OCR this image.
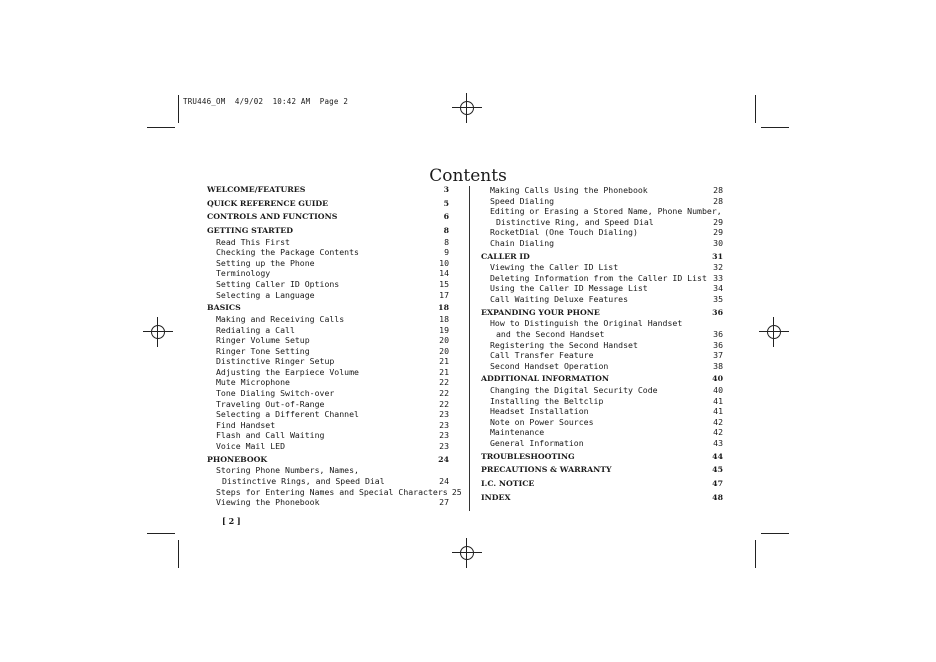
TRU446_OM  4/9/02  10:42 AM  Page 2
Contents
WELCOME/FEATURES	3
QUICK REFERENCE GUIDE	5
CONTROLS AND FUNCTIONS	6
GETTING STARTED	8
Read This First	8
Checking the Package Contents	9
Setting up the Phone	10
Terminology	14
Setting Caller ID Options	15
Selecting a Language	17
BASICS	18
Making and Receiving Calls	18
Redialing a Call	19
Ringer Volume Setup	20
Ringer Tone Setting	20
Distinctive Ringer Setup	21
Adjusting the Earpiece Volume	21
Mute Microphone	22
Tone Dialing Switch-over	22
Traveling Out-of-Range	22
Selecting a Different Channel	23
Find Handset	23
Flash and Call Waiting	23
Voice Mail LED	23
PHONEBOOK	24
Storing Phone Numbers, Names,
Distinctive Rings, and Speed Dial	24
Steps for Entering Names and Special Characters 25
Viewing the Phonebook	27
Making Calls Using the Phonebook	28
Speed Dialing	28
Editing or Erasing a Stored Name, Phone Number,
Distinctive Ring, and Speed Dial	29
RocketDial (One Touch Dialing)	29
Chain Dialing	30
CALLER ID	31
Viewing the Caller ID List	32
Deleting Information from the Caller ID List 33
Using the Caller ID Message List	34
Call Waiting Deluxe Features	35
EXPANDING YOUR PHONE	36
How to Distinguish the Original Handset
and the Second Handset	36
Registering the Second Handset	36
Call Transfer Feature	37
Second Handset Operation	38
ADDITIONAL INFORMATION	40
Changing the Digital Security Code	40
Installing the Beltclip	41
Headset Installation	41
Note on Power Sources	42
Maintenance	42
General Information	43
TROUBLESHOOTING	44
PRECAUTIONS & WARRANTY	45
I.C. NOTICE	47
INDEX	48
[ 2 ]
